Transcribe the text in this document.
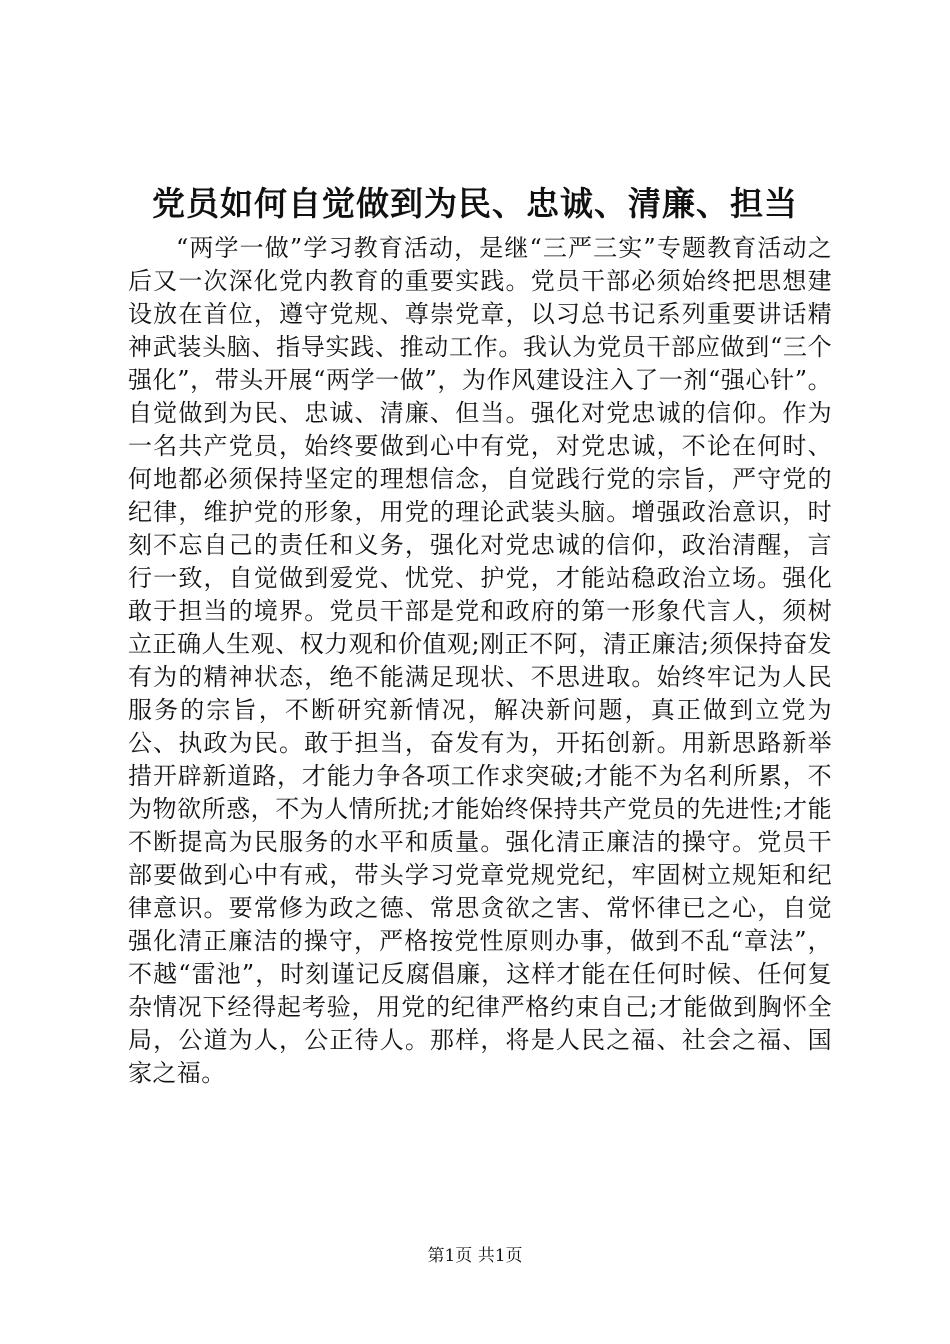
党员如何自觉做到为民、忠诚、清廉、担当

“两学一做”学习教育活动，是继“三严三实”专题教育活动之后又一次深化党内教育的重要实践。党员干部必须始终把思想建设放在首位，遵守党规、尊崇党章，以习总书记系列重要讲话精神武装头脑、指导实践、推动工作。我认为党员干部应做到“三个强化”，带头开展“两学一做”，为作风建设注入了一剂“强心针”。自觉做到为民、忠诚、清廉、但当。强化对党忠诚的信仰。作为一名共产党员，始终要做到心中有党，对党忠诚，不论在何时、何地都必须保持坚定的理想信念，自觉践行党的宗旨，严守党的纪律，维护党的形象，用党的理论武装头脑。增强政治意识，时刻不忘自己的责任和义务，强化对党忠诚的信仰，政治清醒，言行一致，自觉做到爱党、忧党、护党，才能站稳政治立场。强化敢于担当的境界。党员干部是党和政府的第一形象代言人，须树立正确人生观、权力观和价值观;刚正不阿，清正廉洁;须保持奋发有为的精神状态，绝不能满足现状、不思进取。始终牢记为人民服务的宗旨，不断研究新情况，解决新问题，真正做到立党为公、执政为民。敢于担当，奋发有为，开拓创新。用新思路新举措开辟新道路，才能力争各项工作求突破;才能不为名利所累，不为物欲所惑，不为人情所扰;才能始终保持共产党员的先进性;才能不断提高为民服务的水平和质量。强化清正廉洁的操守。党员干部要做到心中有戒，带头学习党章党规党纪，牢固树立规矩和纪律意识。要常修为政之德、常思贪欲之害、常怀律已之心，自觉强化清正廉洁的操守，严格按党性原则办事，做到不乱“章法”，不越“雷池”，时刻谨记反腐倡廉，这样才能在任何时候、任何复杂情况下经得起考验，用党的纪律严格约束自己;才能做到胸怀全局，公道为人，公正待人。那样，将是人民之福、社会之福、国家之福。

第1页 共1页
